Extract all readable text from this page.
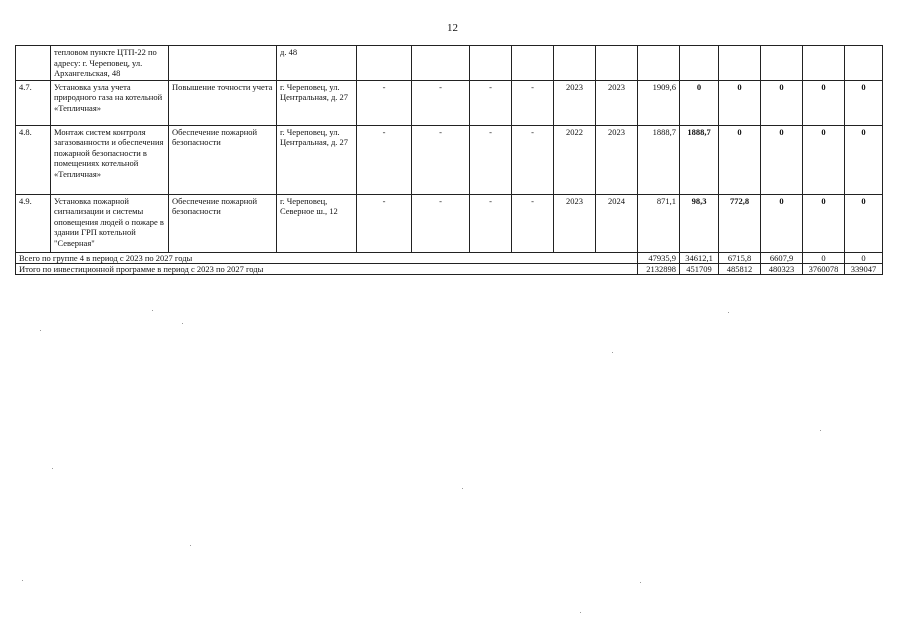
12
	тепловом пункте ЦТП-22 по адресу: г. Череповец, ул. Архангельская, 48		д. 48												
4.7.	Установка узла учета природного газа на котельной «Тепличная»	Повышение точности учета	г. Череповец, ул. Центральная, д. 27	-	-	-	-	2023	2023	1909,6	0	0	0	0	0
4.8.	Монтаж систем контроля загазованности и обеспечения пожарной безопасности в помещениях котельной «Тепличная»	Обеспечение пожарной безопасности	г. Череповец, ул. Центральная, д. 27	-	-	-	-	2022	2023	1888,7	1888,7	0	0	0	0
4.9.	Установка пожарной сигнализации и системы оповещения людей о пожаре в здании ГРП котельной "Северная"	Обеспечение пожарной безопасности	г. Череповец, Северное ш., 12	-	-	-	-	2023	2024	871,1	98,3	772,8	0	0	0
Всего по группе 4 в период с 2023 по 2027 годы										47935,9	34612,1	6715,8	6607,9	0	0
Итого по инвестиционной программе в период с 2023 по 2027 годы										2132898	451709	485812	480323	3760078	339047
